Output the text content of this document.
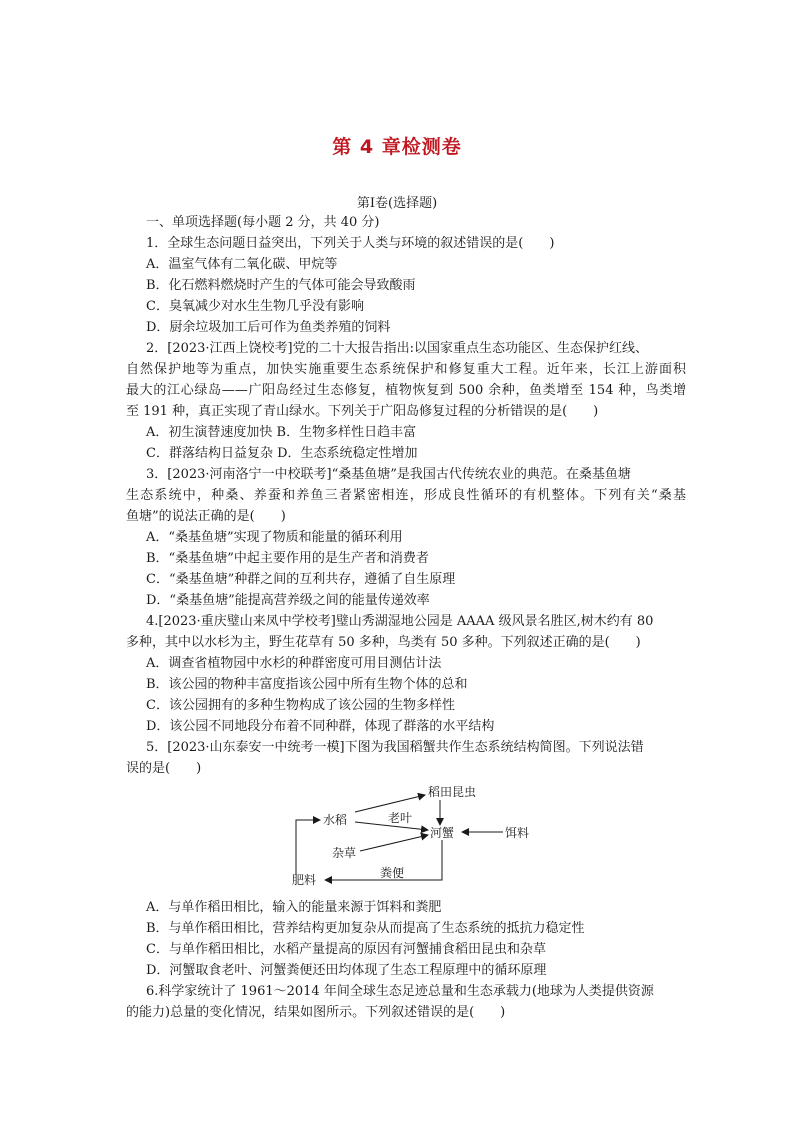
第 4 章检测卷
第Ⅰ卷(选择题)
一、单项选择题(每小题 2 分，共 40 分)
1．全球生态问题日益突出，下列关于人类与环境的叙述错误的是(　　)
A．温室气体有二氧化碳、甲烷等
B．化石燃料燃烧时产生的气体可能会导致酸雨
C．臭氧减少对水生生物几乎没有影响
D．厨余垃圾加工后可作为鱼类养殖的饲料
2．[2023·江西上饶校考]党的二十大报告指出:以国家重点生态功能区、生态保护红线、
自然保护地等为重点，加快实施重要生态系统保护和修复重大工程。近年来，长江上游面积
最大的江心绿岛——广阳岛经过生态修复，植物恢复到 500 余种，鱼类增至 154 种，鸟类增
至 191 种，真正实现了青山绿水。下列关于广阳岛修复过程的分析错误的是(　　)
A．初生演替速度加快 B．生物多样性日趋丰富
C．群落结构日益复杂 D．生态系统稳定性增加
3．[2023·河南洛宁一中校联考]“桑基鱼塘”是我国古代传统农业的典范。在桑基鱼塘
生态系统中，种桑、养蚕和养鱼三者紧密相连，形成良性循环的有机整体。下列有关“桑基
鱼塘”的说法正确的是(　　)
A．“桑基鱼塘”实现了物质和能量的循环利用
B．“桑基鱼塘”中起主要作用的是生产者和消费者
C．“桑基鱼塘”种群之间的互利共存，遵循了自生原理
D．“桑基鱼塘”能提高营养级之间的能量传递效率
4.[2023·重庆璧山来凤中学校考]璧山秀湖湿地公园是 AAAA 级风景名胜区,树木约有 80
多种，其中以水杉为主，野生花草有 50 多种，鸟类有 50 多种。下列叙述正确的是(　　)
A．调查省植物园中水杉的种群密度可用目测估计法
B．该公园的物种丰富度指该公园中所有生物个体的总和
C．该公园拥有的多种生物构成了该公园的生物多样性
D．该公园不同地段分布着不同种群，体现了群落的水平结构
5．[2023·山东泰安一中统考一模]下图为我国稻蟹共作生态系统结构简图。下列说法错
误的是(　　)
水稻
稻田昆虫
老叶
河蟹	饵料
杂草
肥料	粪便
A．与单作稻田相比，输入的能量来源于饵料和粪肥
B．与单作稻田相比，营养结构更加复杂从而提高了生态系统的抵抗力稳定性
C．与单作稻田相比，水稻产量提高的原因有河蟹捕食稻田昆虫和杂草
D．河蟹取食老叶、河蟹粪便还田均体现了生态工程原理中的循环原理
6.科学家统计了 1961～2014 年间全球生态足迹总量和生态承载力(地球为人类提供资源
的能力)总量的变化情况，结果如图所示。下列叙述错误的是(　　)
